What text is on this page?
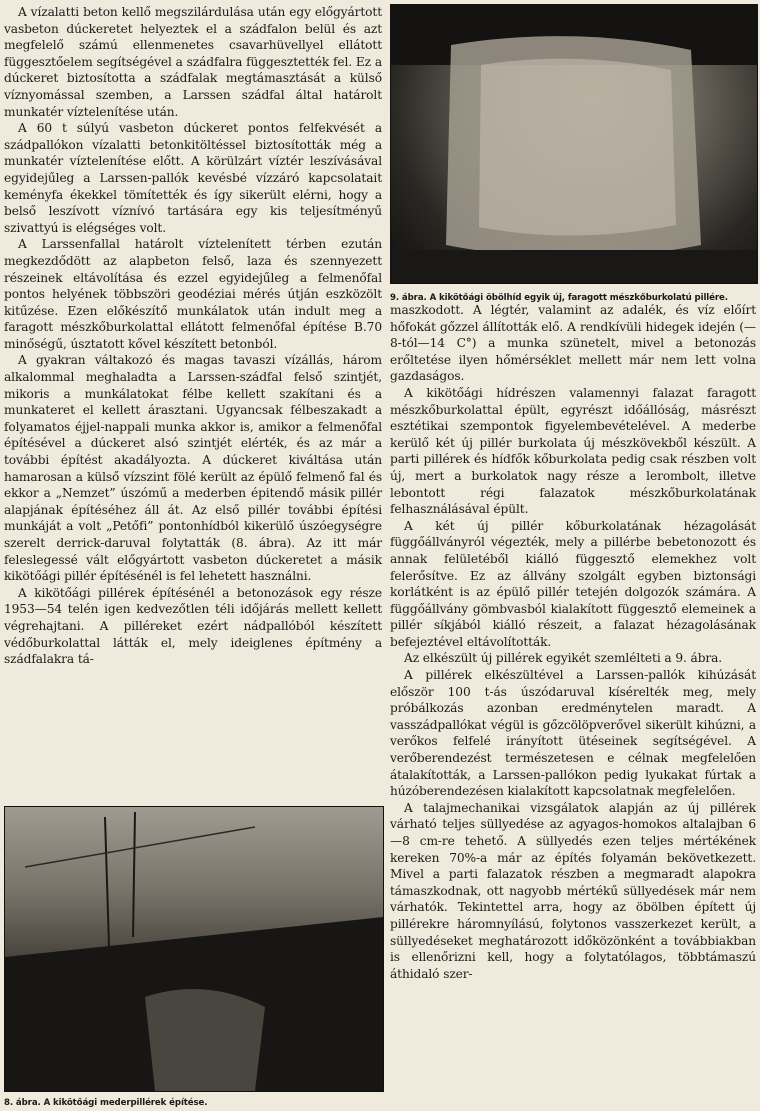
9. ábra. A kikötőági öbölhíd egyik új, faragott mészkőburkolatú pillére.

A vízalatti beton kellő megszilárdulása után egy előgyártott vasbeton dúckeretet helyeztek el a szádfalon belül és azt megfelelő számú ellenmenetes csavarhüvellyel ellátott függesztőelem segítségével a szádfalra függesztették fel. Ez a dúckeret biztosította a szádfalak megtámasztását a külső víznyomással szemben, a Larssen szádfal által határolt munkatér víztelenítése után.

A 60 t súlyú vasbeton dúckeret pontos felfekvését a szádpallókon vízalatti betonkitöltéssel biztosították még a munkatér víztelenítése előtt. A körülzárt víztér leszívásával egyidejűleg a Larssen-pallók kevésbé vízzáró kapcsolatait keményfa ékekkel tömítették és így sikerült elérni, hogy a belső leszívott víznívó tartására egy kis teljesítményű szivattyú is elégséges volt.

A Larssenfallal határolt víztelenített térben ezután megkezdődött az alapbeton felső, laza és szennyezett részeinek eltávolítása és ezzel egyidejűleg a felmenőfal pontos helyének többszöri geodéziai mérés útján eszközölt kitűzése. Ezen előkészítő munkálatok után indult meg a faragott mészkőburkolattal ellátott felmenőfal építése B.70 minőségű, úsztatott kővel készített betonból.

A gyakran váltakozó és magas tavaszi vízállás, három alkalommal meghaladta a Larssen-szádfal felső szintjét, mikoris a munkálatokat félbe kellett szakítani és a munkateret el kellett árasztani. Ugyancsak félbeszakadt a folyamatos éjjel-nappali munka akkor is, amikor a felmenőfal építésével a dúckeret alsó szintjét elérték, és az már a további építést akadályozta. A dúckeret kiváltása után hamarosan a külső vízszint fölé került az épülő felmenő fal és ekkor a „Nemzet” úszómű a mederben épitendő másik pillér alapjának építéséhez áll át. Az első pillér további építési munkáját a volt „Petőfi” pontonhídból kikerülő úszóegységre szerelt derrick-daruval folytatták (8. ábra). Az itt már feleslegessé vált előgyártott vasbeton dúckeretet a másik kikötőági pillér építésénél is fel lehetett használni.

A kikötőági pillérek építésénél a betonozások egy része 1953—54 telén igen kedvezőtlen téli időjárás mellett kellett végrehajtani. A pilléreket ezért nádpallóból készített védőburkolattal látták el, mely ideiglenes építmény a szádfalakra tá-

maszkodott. A légtér, valamint az adalék, és víz előírt hőfokát gőzzel állították elő. A rendkívüli hidegek idején (—8-tól—14 C°) a munka szünetelt, mivel a betonozás erőltetése ilyen hőmérséklet mellett már nem lett volna gazdaságos.

A kikötőági hídrészen valamennyi falazat faragott mészkőburkolattal épült, egyrészt időállóság, másrészt esztétikai szempontok figyelembevételével. A mederbe kerülő két új pillér burkolata új mészkövekből készült. A parti pillérek és hídfők kőburkolata pedig csak részben volt új, mert a burkolatok nagy része a lerombolt, illetve lebontott régi falazatok mészkőburkolatának felhasználásával épült.

A két új pillér kőburkolatának hézagolását függőállványról végezték, mely a pillérbe bebetonozott és annak felületéből kiálló függesztő elemekhez volt felerősítve. Ez az állvány szolgált egyben biztonsági korlátként is az épülő pillér tetején dolgozók számára. A függőállvány gömbvasból kialakított függesztő elemeinek a pillér síkjából kiálló részeit, a falazat hézagolásának befejeztével eltávolították.

Az elkészült új pillérek egyikét szemlélteti a 9. ábra.

A pillérek elkészültével a Larssen-pallók kihúzását először 100 t-ás úszódaruval kísérelték meg, mely próbálkozás azonban eredménytelen maradt. A vasszádpallókat végül is gőzcölöpverővel sikerült kihúzni, a verőkos felfelé irányított ütéseinek segítségével. A verőberendezést természetesen e célnak megfelelően átalakították, a Larssen-pallókon pedig lyukakat fúrtak a húzóberendezésen kialakított kapcsolatnak megfelelően.

A talajmechanikai vizsgálatok alapján az új pillérek várható teljes süllyedése az agyagos-homokos altalajban 6—8 cm-re tehető. A süllyedés ezen teljes mértékének kereken 70%-a már az építés folyamán bekövetkezett. Mivel a parti falazatok részben a megmaradt alapokra támaszkodnak, ott nagyobb mértékű süllyedések már nem várhatók. Tekintettel arra, hogy az öbölben épített új pillérekre háromnyílású, folytonos vasszerkezet került, a süllyedéseket meghatározott időközönként a továbbiakban is ellenőrizni kell, hogy a folytatólagos, többtámaszú áthidaló szer-

8. ábra. A kikötőági mederpillérek építése.
